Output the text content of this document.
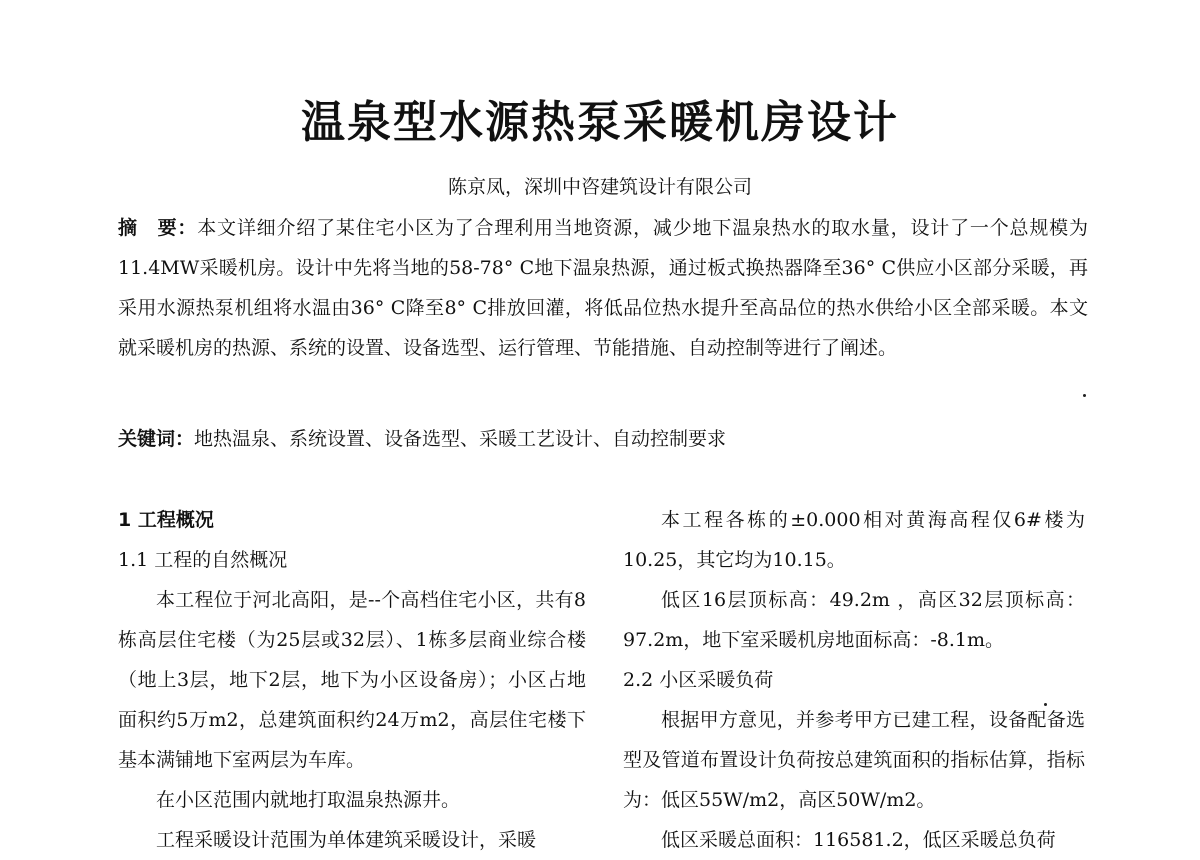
温泉型水源热泵采暖机房设计
陈京凤，深圳中咨建筑设计有限公司
摘　要：本文详细介绍了某住宅小区为了合理利用当地资源，减少地下温泉热水的取水量，设计了一个总规模为11.4MW采暖机房。设计中先将当地的58-78° C地下温泉热源，通过板式换热器降至36° C供应小区部分采暖，再采用水源热泵机组将水温由36° C降至8° C排放回灌，将低品位热水提升至高品位的热水供给小区全部采暖。本文就采暖机房的热源、系统的设置、设备选型、运行管理、节能措施、自动控制等进行了阐述。
关键词：地热温泉、系统设置、设备选型、采暖工艺设计、自动控制要求

1 工程概况

1.1 工程的自然概况

本工程位于河北高阳，是--个高档住宅小区，共有8栋高层住宅楼（为25层或32层）、1栋多层商业综合楼（地上3层，地下2层，地下为小区设备房）；小区占地面积约5万m2，总建筑面积约24万m2，高层住宅楼下基本满铺地下室两层为车库。

在小区范围内就地打取温泉热源井。

工程采暖设计范围为单体建筑采暖设计，采暖

本工程各栋的±0.000相对黄海高程仅6#楼为10.25，其它均为10.15。

低区16层顶标高：49.2m ，高区32层顶标高：97.2m，地下室采暖机房地面标高：-8.1m。

2.2 小区采暖负荷

根据甲方意见，并参考甲方已建工程，设备配备选型及管道布置设计负荷按总建筑面积的指标估算，指标为：低区55W/m2，高区50W/m2。

低区采暖总面积：116581.2，低区采暖总负荷
